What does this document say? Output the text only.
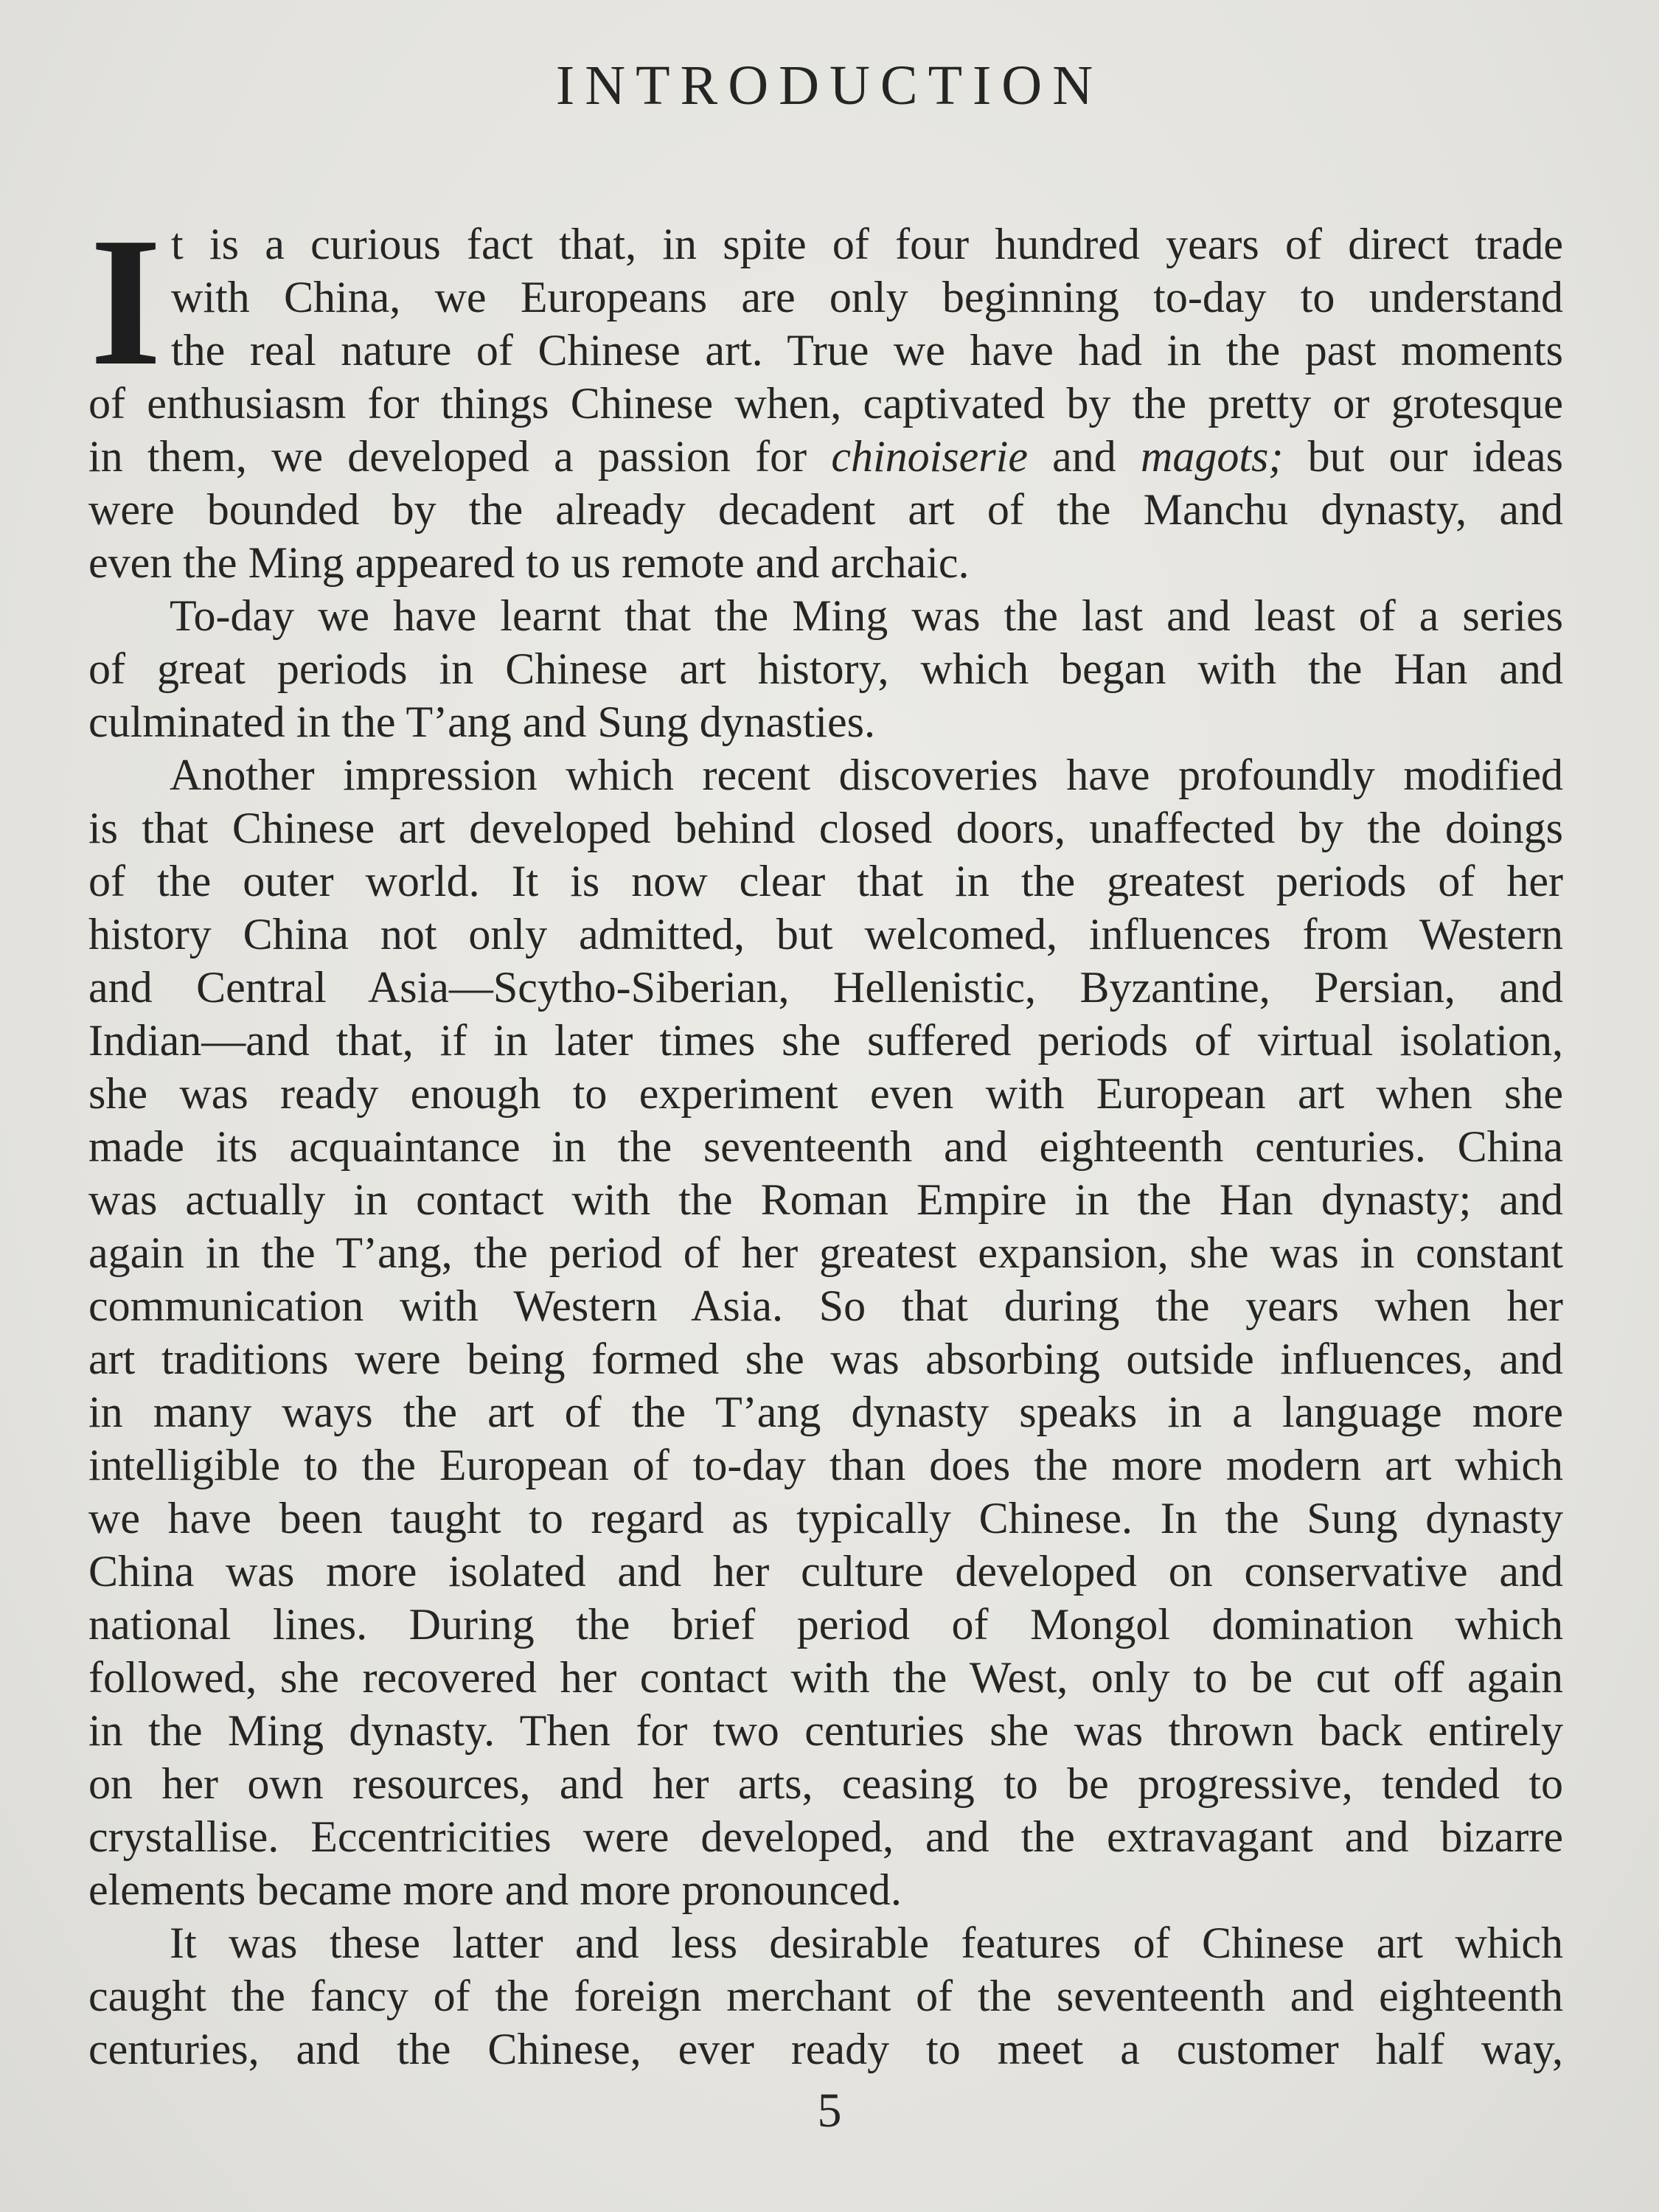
INTRODUCTION
I t is a curious fact that, in spite of four hundred years of direct trade
with China, we Europeans are only beginning to-day to understand
the real nature of Chinese art. True we have had in the past moments
of enthusiasm for things Chinese when, captivated by the pretty or grotesque
in them, we developed a passion for chinoiserie and magots; but our ideas
were bounded by the already decadent art of the Manchu dynasty, and
even the Ming appeared to us remote and archaic.
To-day we have learnt that the Ming was the last and least of a series
of great periods in Chinese art history, which began with the Han and
culminated in the T’ang and Sung dynasties.
Another impression which recent discoveries have profoundly modified
is that Chinese art developed behind closed doors, unaffected by the doings
of the outer world. It is now clear that in the greatest periods of her
history China not only admitted, but welcomed, influences from Western
and Central Asia—Scytho-Siberian, Hellenistic, Byzantine, Persian, and
Indian—and that, if in later times she suffered periods of virtual isolation,
she was ready enough to experiment even with European art when she
made its acquaintance in the seventeenth and eighteenth centuries. China
was actually in contact with the Roman Empire in the Han dynasty; and
again in the T’ang, the period of her greatest expansion, she was in constant
communication with Western Asia. So that during the years when her
art traditions were being formed she was absorbing outside influences, and
in many ways the art of the T’ang dynasty speaks in a language more
intelligible to the European of to-day than does the more modern art which
we have been taught to regard as typically Chinese. In the Sung dynasty
China was more isolated and her culture developed on conservative and
national lines. During the brief period of Mongol domination which
followed, she recovered her contact with the West, only to be cut off again
in the Ming dynasty. Then for two centuries she was thrown back entirely
on her own resources, and her arts, ceasing to be progressive, tended to
crystallise. Eccentricities were developed, and the extravagant and bizarre
elements became more and more pronounced.
It was these latter and less desirable features of Chinese art which
caught the fancy of the foreign merchant of the seventeenth and eighteenth
centuries, and the Chinese, ever ready to meet a customer half way,
5
